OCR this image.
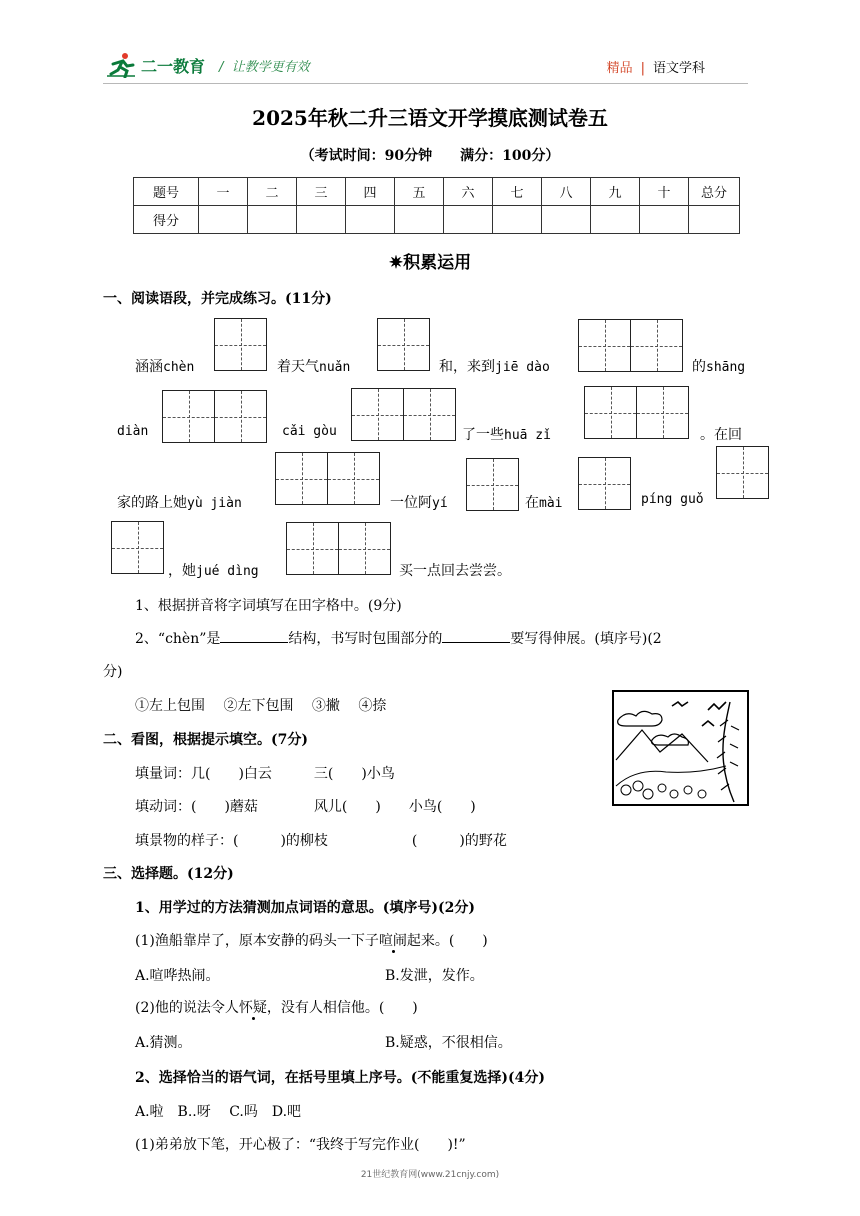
二一教育 /  让教学更有效	精品 | 语文学科
2025年秋二升三语文开学摸底测试卷五
（考试时间：90分钟　　满分：100分）
题号	一	二	三	四	五	六	七	八	九	十	总分
得分											
✷积累运用
一、阅读语段，并完成练习。(11分)
涵涵chèn	着天气nuǎn	和，来到jiē dào	的shāng
diàn	cǎi gòu	了一些huā zǐ	。在回
家的路上她yù jiàn	一位阿yí	在mài	píng guǒ
，她jué dìng	买一点回去尝尝。
1、根据拼音将字词填写在田字格中。(9分)
2、“chèn”是	结构，书写时包围部分的	要写得伸展。(填序号)(2
分)
①左上包围　 ②左下包围　 ③撇　 ④捺
二、看图，根据提示填空。(7分)
填量词：几(　　)白云　　　三(　　)小鸟
填动词：(　　)蘑菇　　　　风儿(　　)　　小鸟(　　)
填景物的样子：(　　　)的柳枝　　　　　　(　　　)的野花
三、选择题。(12分)
1、用学过的方法猜测加点词语的意思。(填序号)(2分)
(1)渔船靠岸了，原本安静的码头一下子喧闹起来。(　　)
A.喧哗热闹。	B.发泄，发作。
(2)他的说法令人怀疑，没有人相信他。(　　)
A.猜测。	B.疑惑，不很相信。
2、选择恰当的语气词，在括号里填上序号。(不能重复选择)(4分)
A.啦　B..呀　 C.吗　D.吧
(1)弟弟放下笔，开心极了：“我终于写完作业(　　)!”
21世纪教育网(www.21cnjy.com)
